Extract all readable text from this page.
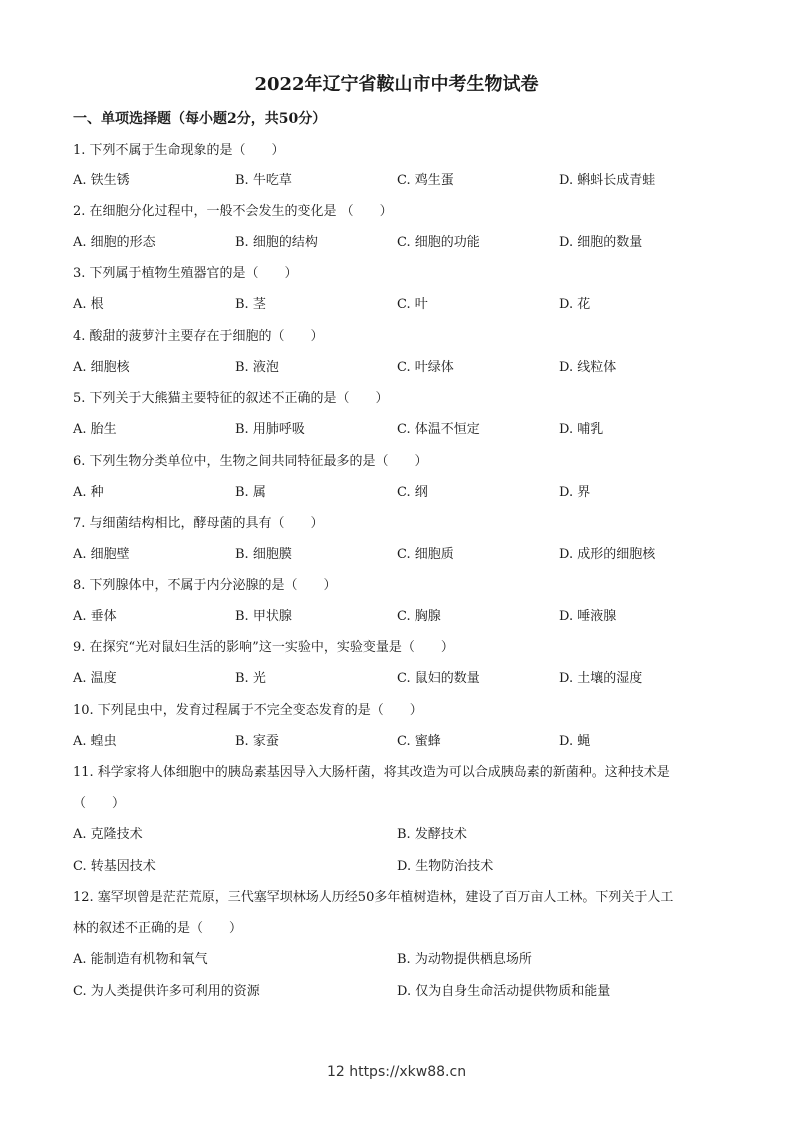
2022年辽宁省鞍山市中考生物试卷
一、单项选择题（每小题2分，共50分）
1. 下列不属于生命现象的是（　　）
A. 铁生锈	B. 牛吃草	C. 鸡生蛋	D. 蝌蚪长成青蛙
2. 在细胞分化过程中，一般不会发生的变化是 （　　）
A. 细胞的形态	B. 细胞的结构	C. 细胞的功能	D. 细胞的数量
3. 下列属于植物生殖器官的是（　　）
A. 根	B. 茎	C. 叶	D. 花
4. 酸甜的菠萝汁主要存在于细胞的（　　）
A. 细胞核	B. 液泡	C. 叶绿体	D. 线粒体
5. 下列关于大熊猫主要特征的叙述不正确的是（　　）
A. 胎生	B. 用肺呼吸	C. 体温不恒定	D. 哺乳
6. 下列生物分类单位中，生物之间共同特征最多的是（　　）
A. 种	B. 属	C. 纲	D. 界
7. 与细菌结构相比，酵母菌的具有（　　）
A. 细胞壁	B. 细胞膜	C. 细胞质	D. 成形的细胞核
8. 下列腺体中，不属于内分泌腺的是（　　）
A. 垂体	B. 甲状腺	C. 胸腺	D. 唾液腺
9. 在探究“光对鼠妇生活的影响”这一实验中，实验变量是（　　）
A. 温度	B. 光	C. 鼠妇的数量	D. 土壤的湿度
10. 下列昆虫中，发育过程属于不完全变态发育的是（　　）
A. 蝗虫	B. 家蚕	C. 蜜蜂	D. 蝇
11. 科学家将人体细胞中的胰岛素基因导入大肠杆菌，将其改造为可以合成胰岛素的新菌种。这种技术是
（　　）
A. 克隆技术	B. 发酵技术
C. 转基因技术	D. 生物防治技术
12. 塞罕坝曾是茫茫荒原，三代塞罕坝林场人历经50多年植树造林，建设了百万亩人工林。下列关于人工
林的叙述不正确的是（　　）
A. 能制造有机物和氧气	B. 为动物提供栖息场所
C. 为人类提供许多可利用的资源	D. 仅为自身生命活动提供物质和能量
12 https://xkw88.cn
